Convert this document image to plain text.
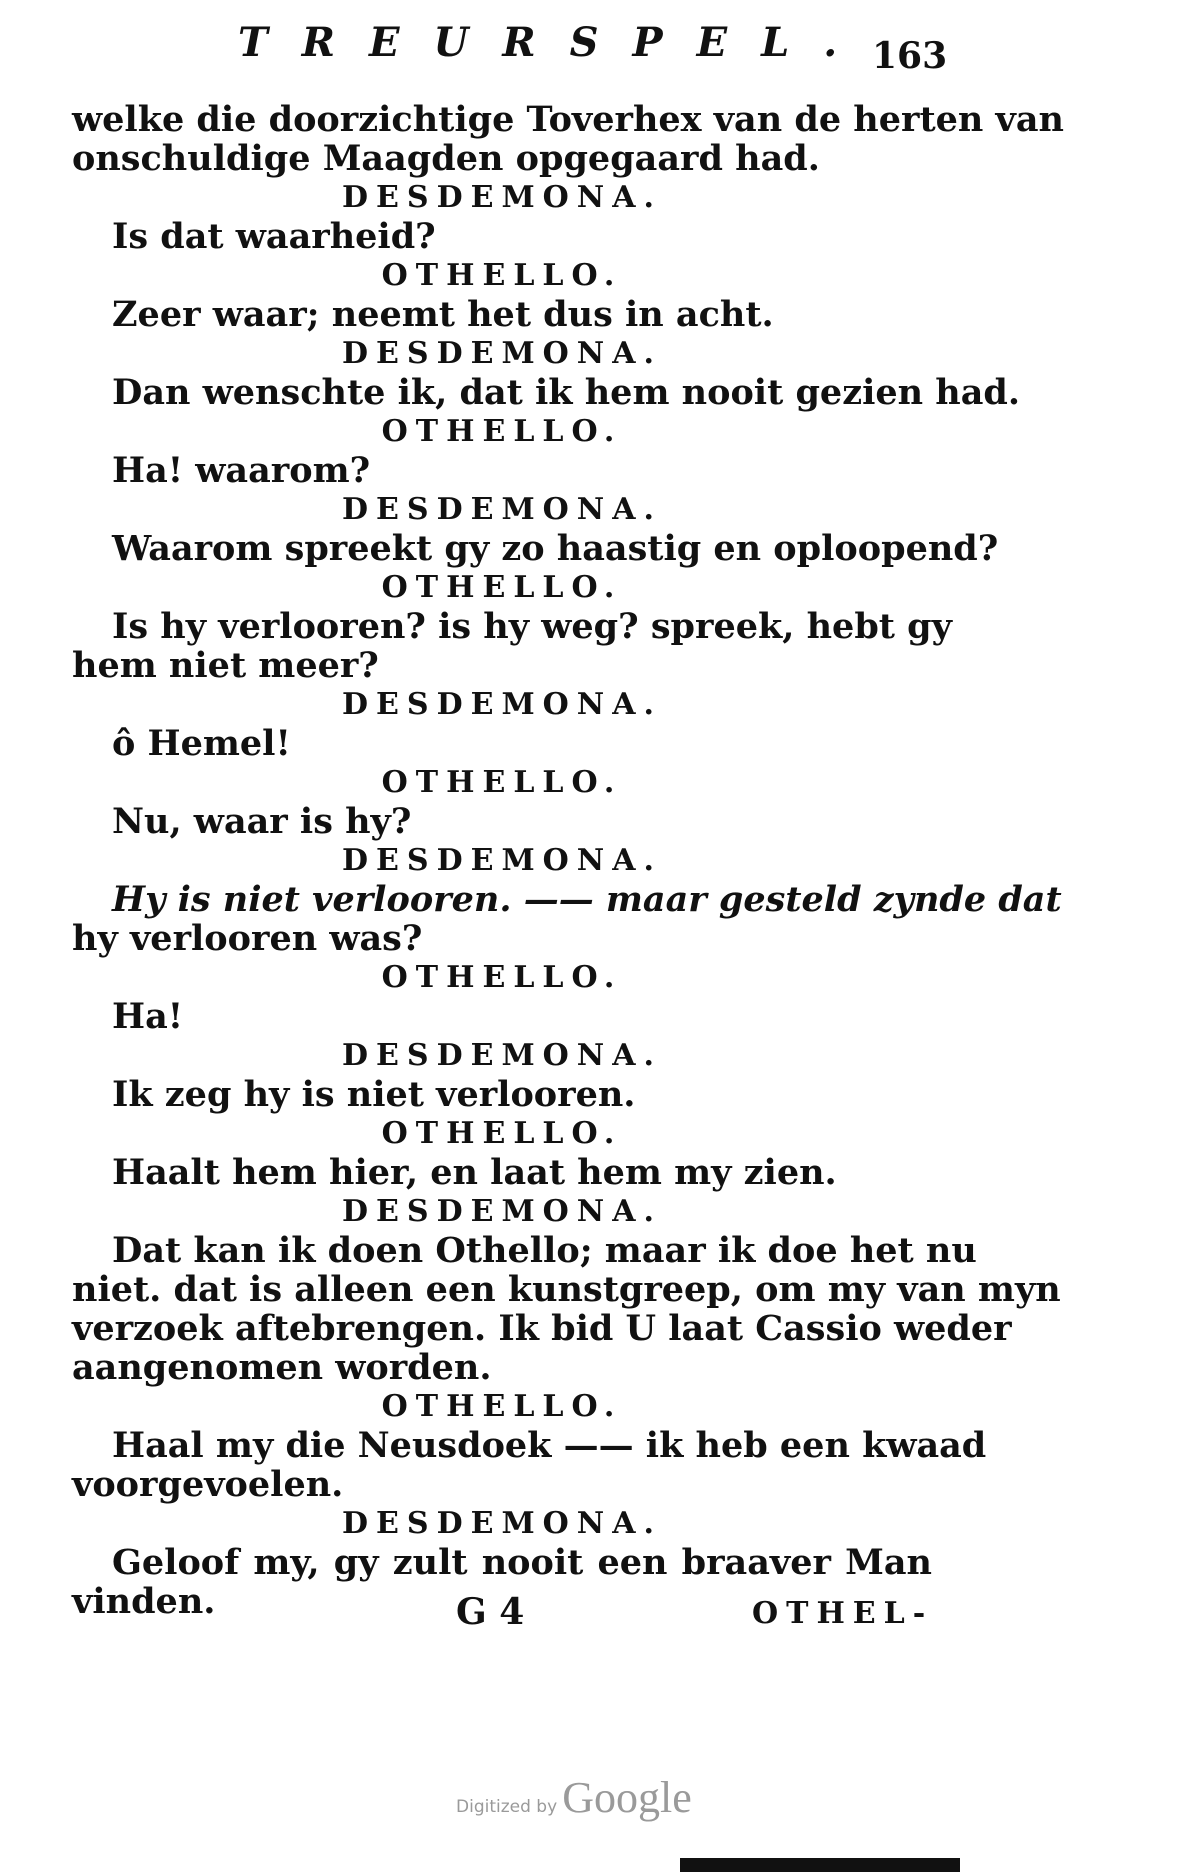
TREURSPEL. 163
welke die doorzichtige Toverhex van de herten van
onschuldige Maagden opgegaard had.
DESDEMONA.
Is dat waarheid?
OTHELLO.
Zeer waar; neemt het dus in acht.
DESDEMONA.
Dan wenschte ik, dat ik hem nooit gezien had.
OTHELLO.
Ha! waarom?
DESDEMONA.
Waarom spreekt gy zo haastig en oploopend?
OTHELLO.
Is hy verlooren? is hy weg? spreek, hebt gy
hem niet meer?
DESDEMONA.
ô Hemel!
OTHELLO.
Nu, waar is hy?
DESDEMONA.
Hy is niet verlooren. —— maar gesteld zynde dat
hy verlooren was?
OTHELLO.
Ha!
DESDEMONA.
Ik zeg hy is niet verlooren.
OTHELLO.
Haalt hem hier, en laat hem my zien.
DESDEMONA.
Dat kan ik doen Othello; maar ik doe het nu
niet. dat is alleen een kunstgreep, om my van myn
verzoek aftebrengen. Ik bid U laat Cassio weder
aangenomen worden.
OTHELLO.
Haal my die Neusdoek —— ik heb een kwaad
voorgevoelen.
DESDEMONA.
Geloof my, gy zult nooit een braaver Man
vinden.	G 4	OTHEL-
Digitized by Google
